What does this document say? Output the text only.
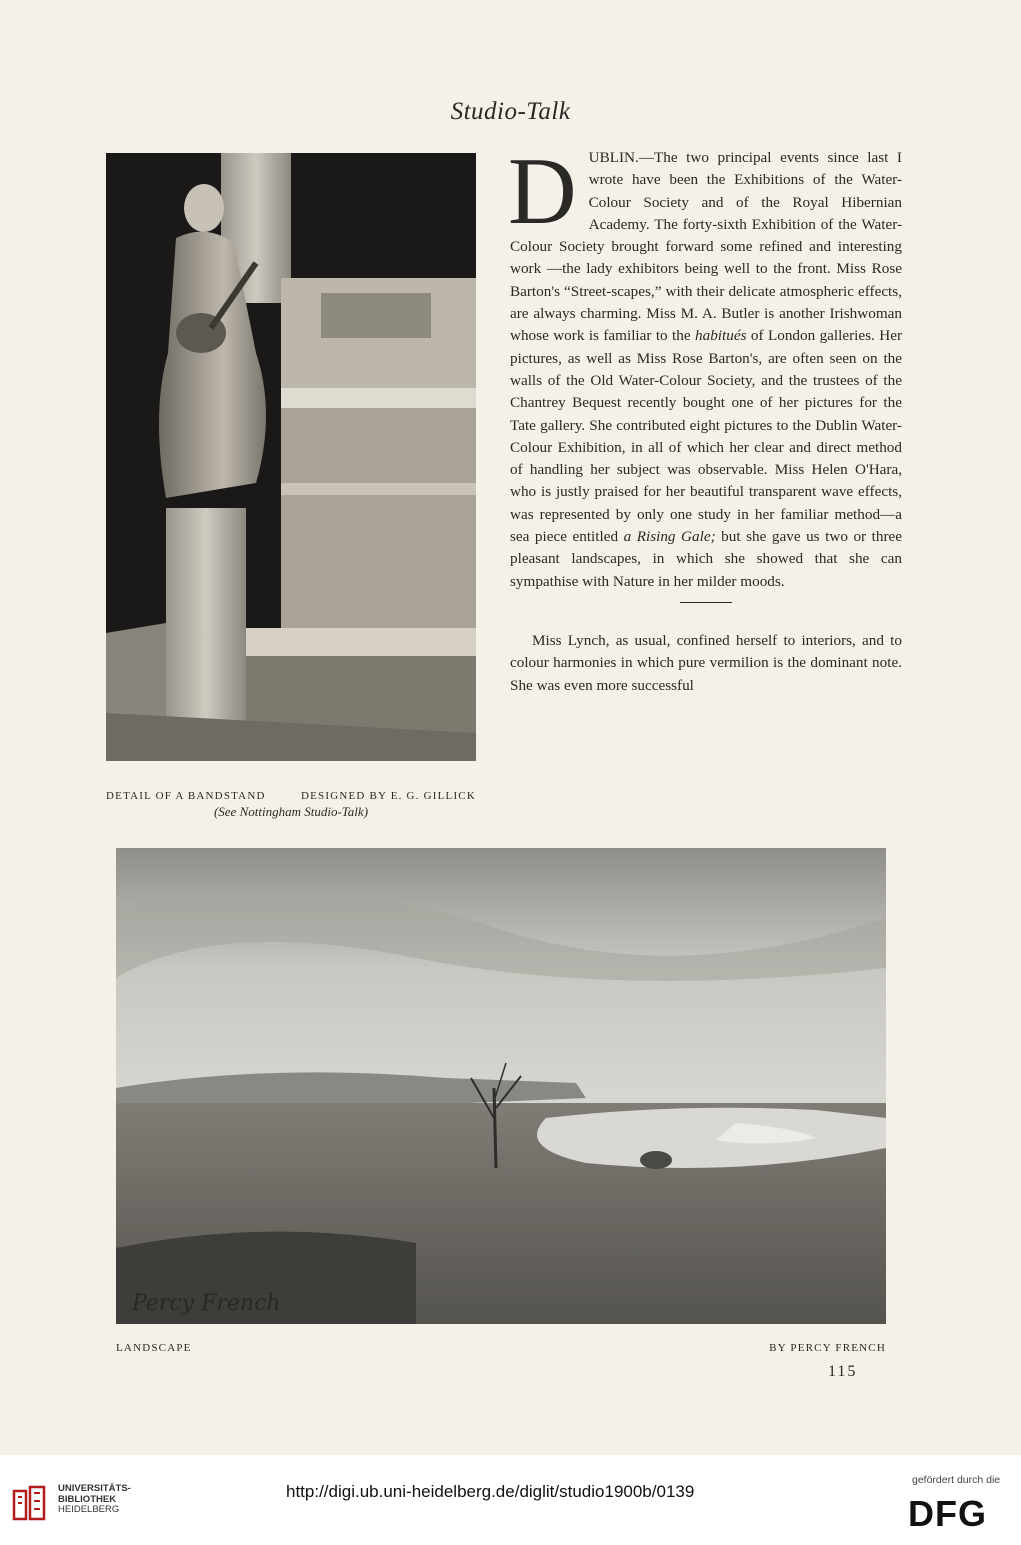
Studio-Talk
DETAIL OF A BANDSTAND	DESIGNED BY E. G. GILLICK
(See Nottingham Studio-Talk)

DUBLIN.—The two principal events since last I wrote have been the Exhibitions of the Water-Colour Society and of the Royal Hibernian Academy. The forty-sixth Exhibition of the Water-Colour Society brought forward some refined and interesting work —the lady exhibitors being well to the front. Miss Rose Barton's “Street-scapes,” with their delicate atmospheric effects, are always charming. Miss M. A. Butler is another Irishwoman whose work is familiar to the habitués of London galleries. Her pictures, as well as Miss Rose Barton's, are often seen on the walls of the Old Water-Colour Society, and the trustees of the Chantrey Bequest recently bought one of her pictures for the Tate gallery. She contributed eight pictures to the Dublin Water-Colour Exhibition, in all of which her clear and direct method of handling her subject was observable. Miss Helen O'Hara, who is justly praised for her beautiful transparent wave effects, was represented by only one study in her familiar method—a sea piece entitled a Rising Gale; but she gave us two or three pleasant landscapes, in which she showed that she can sympathise with Nature in her milder moods.

Miss Lynch, as usual, confined herself to interiors, and to colour harmonies in which pure vermilion is the dominant note. She was even more successful

Percy French
LANDSCAPE	BY PERCY FRENCH
115
UNIVERSITÄTS-
BIBLIOTHEK
HEIDELBERG
http://digi.ub.uni-heidelberg.de/diglit/studio1900b/0139
gefördert durch die
DFG
